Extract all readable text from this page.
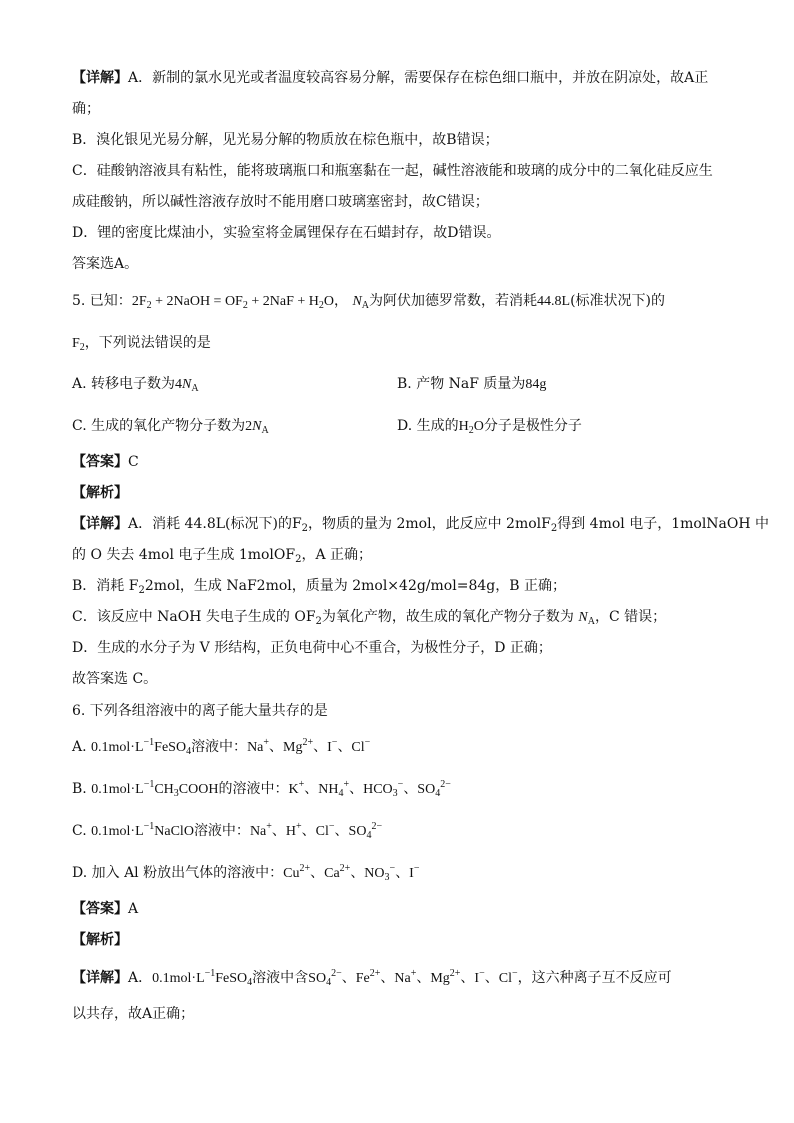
【详解】A．新制的氯水见光或者温度较高容易分解，需要保存在棕色细口瓶中，并放在阴凉处，故A正
确；
B．溴化银见光易分解，见光易分解的物质放在棕色瓶中，故B错误；
C．硅酸钠溶液具有粘性，能将玻璃瓶口和瓶塞黏在一起，碱性溶液能和玻璃的成分中的二氧化硅反应生
成硅酸钠，所以碱性溶液存放时不能用磨口玻璃塞密封，故C错误；
D．锂的密度比煤油小，实验室将金属锂保存在石蜡封存，故D错误。
答案选A。
5. 已知：$2F_2$ + 2NaOH = $OF_2 + 2NaF + H_2O$， $N_A$为阿伏加德罗常数，若消耗44.8L(标准状况下)的
$F_2$，下列说法错误的是
A. 转移电子数为$4N_A$	B. 产物 NaF 质量为84g
C. 生成的氧化产物分子数为$2N_A$	D. 生成的$H_2O$分子是极性分子
【答案】C
【解析】
【详解】A．消耗 44.8L(标况下)的$F_2$，物质的量为 2mol，此反应中 2molF$_2$得到 4mol 电子，1molNaOH 中
的 O 失去 4mol 电子生成 1molOF$_2$，A 正确；
B．消耗 $F_22mol$，生成 NaF2mol，质量为 2mol×42g/mol=84g，B 正确；
C．该反应中 NaOH 失电子生成的 $OF_2$为氧化产物，故生成的氧化产物分子数为 $N_A$，C 错误；
D．生成的水分子为 V 形结构，正负电荷中心不重合，为极性分子，D 正确；
故答案选 C。
6. 下列各组溶液中的离子能大量共存的是
A. $0.1mol\cdot L^{-1}FeSO_4$溶液中：Na+、$Mg^{2+}$、I−、Cl−
B. $0.1mol\cdot L^{-1}CH_3COOH$的溶液中：K+、$NH_4^+$、$HCO_3^-$、$SO_4^{2-}$
C. $0.1mol\cdot L^{-1}NaClO$溶液中：Na+、H+、Cl−、$SO_4^{2-}$
D. 加入 Al 粉放出气体的溶液中：$Cu^{2+}$、$Ca^{2+}$、$NO_3^-$、I−
【答案】A
【解析】
【详解】A．$0.1mol\cdot L^{-1}FeSO_4$溶液中含$SO_4^{2-}$、$Fe^{2+}$、Na+、$Mg^{2+}$、I−、Cl−，这六种离子互不反应可
以共存，故A正确；
